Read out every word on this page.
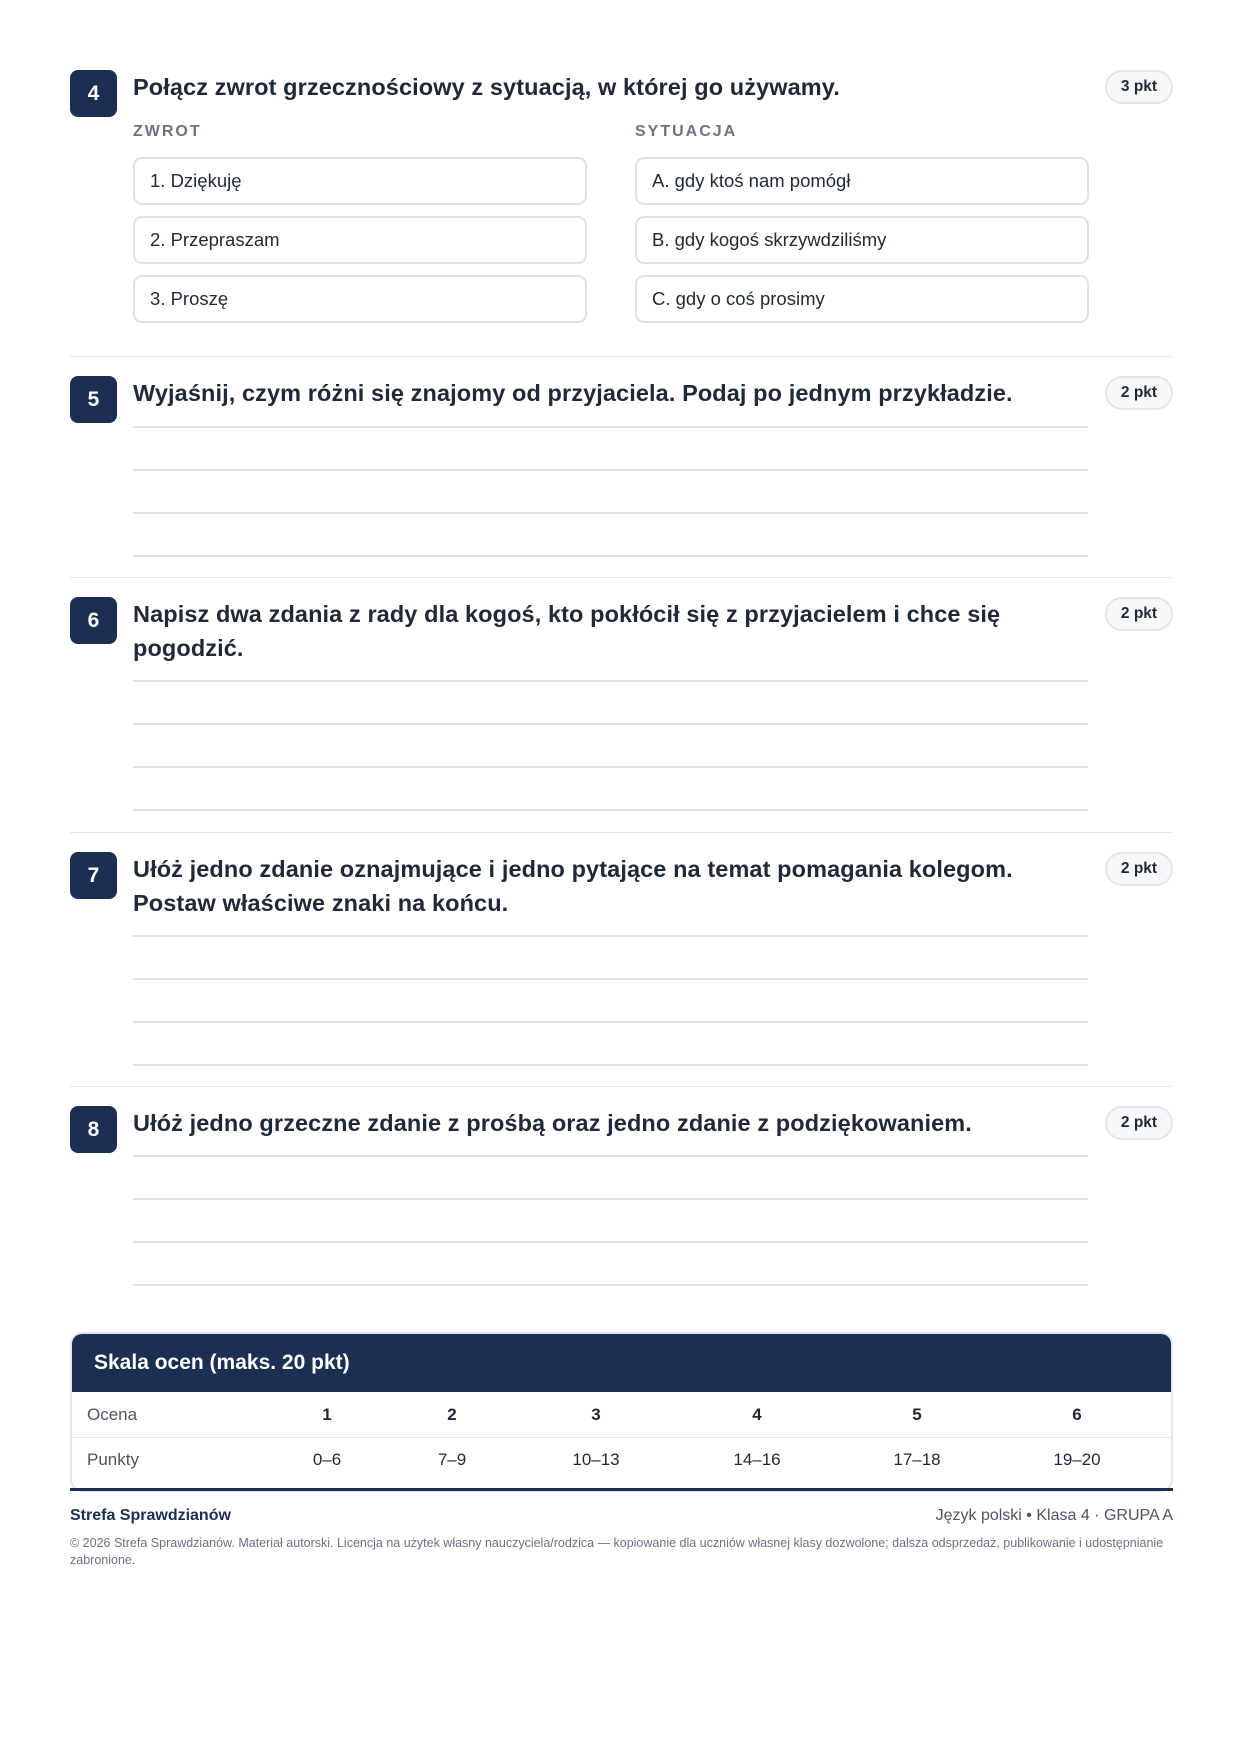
4	Połącz zwrot grzecznościowy z sytuacją, w której go używamy.	3 pkt
ZWROT	SYTUACJA
1. Dziękuję
2. Przepraszam
3. Proszę
A. gdy ktoś nam pomógł
B. gdy kogoś skrzywdziliśmy
C. gdy o coś prosimy
5	Wyjaśnij, czym różni się znajomy od przyjaciela. Podaj po jednym przykładzie.	2 pkt
6	Napisz dwa zdania z rady dla kogoś, kto pokłócił się z przyjacielem i chce się pogodzić.
2 pkt
7	Ułóż jedno zdanie oznajmujące i jedno pytające na temat pomagania kolegom. Postaw właściwe znaki na końcu.
2 pkt
8	Ułóż jedno grzeczne zdanie z prośbą oraz jedno zdanie z podziękowaniem.	2 pkt
Skala ocen (maks. 20 pkt)
Ocena	1	2	3	4	5	6
Punkty	0–6	7–9	10–13	14–16	17–18	19–20
Strefa Sprawdzianów	Język polski • Klasa 4 · GRUPA A
© 2026 Strefa Sprawdzianów. Materiał autorski. Licencja na użytek własny nauczyciela/rodzica — kopiowanie dla uczniów własnej klasy dozwolone; dalsza odsprzedaż, publikowanie i udostępnianie zabronione.
